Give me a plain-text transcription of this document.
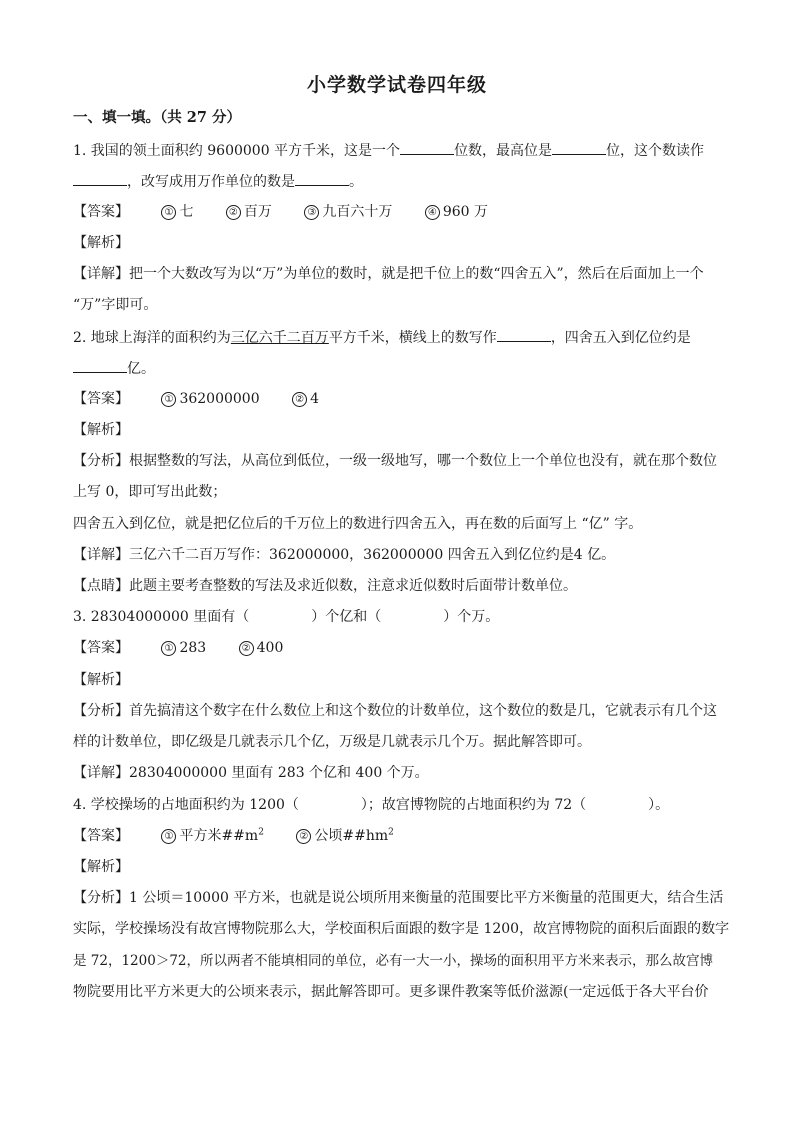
小学数学试卷四年级
一、填一填。（共 27 分）
1. 我国的领土面积约 9600000 平方千米，这是一个	位数，最高位是	位，这个数读作
，改写成用万作单位的数是	。
【答案】	① 七	② 百万	③ 九百六十万	④ 960 万
【解析】
【详解】把一个大数改写为以“万”为单位的数时，就是把千位上的数“四舍五入”，然后在后面加上一个
“万”字即可。
2. 地球上海洋的面积约为三亿六千二百万平方千米，横线上的数写作	，四舍五入到亿位约是
亿。
【答案】	① 362000000	② 4
【解析】
【分析】根据整数的写法，从高位到低位，一级一级地写，哪一个数位上一个单位也没有，就在那个数位
上写 0，即可写出此数；
四舍五入到亿位，就是把亿位后的千万位上的数进行四舍五入，再在数的后面写上 “亿” 字。
【详解】三亿六千二百万写作：362000000，362000000 四舍五入到亿位约是4 亿。
【点睛】此题主要考查整数的写法及求近似数，注意求近似数时后面带计数单位。
3. 28304000000 里面有（	）个亿和（	）个万。
【答案】	① 283	② 400
【解析】
【分析】首先搞清这个数字在什么数位上和这个数位的计数单位，这个数位的数是几，它就表示有几个这
样的计数单位，即亿级是几就表示几个亿，万级是几就表示几个万。据此解答即可。
【详解】28304000000 里面有 283 个亿和 400 个万。
4. 学校操场的占地面积约为 1200（	）；故宫博物院的占地面积约为 72（	）。
【答案】	① 平方米$\#\#m^2$	② 公顷$\#\#hm^2$
【解析】
【分析】1 公顷＝10000 平方米，也就是说公顷所用来衡量的范围要比平方米衡量的范围更大，结合生活
实际，学校操场没有故宫博物院那么大，学校面积后面跟的数字是 1200，故宫博物院的面积后面跟的数字
是 72，1200＞72，所以两者不能填相同的单位，必有一大一小，操场的面积用平方米来表示，那么故宫博
物院要用比平方米更大的公顷来表示，据此解答即可。更多课件教案等低价滋源(一定远低于各大平台价
